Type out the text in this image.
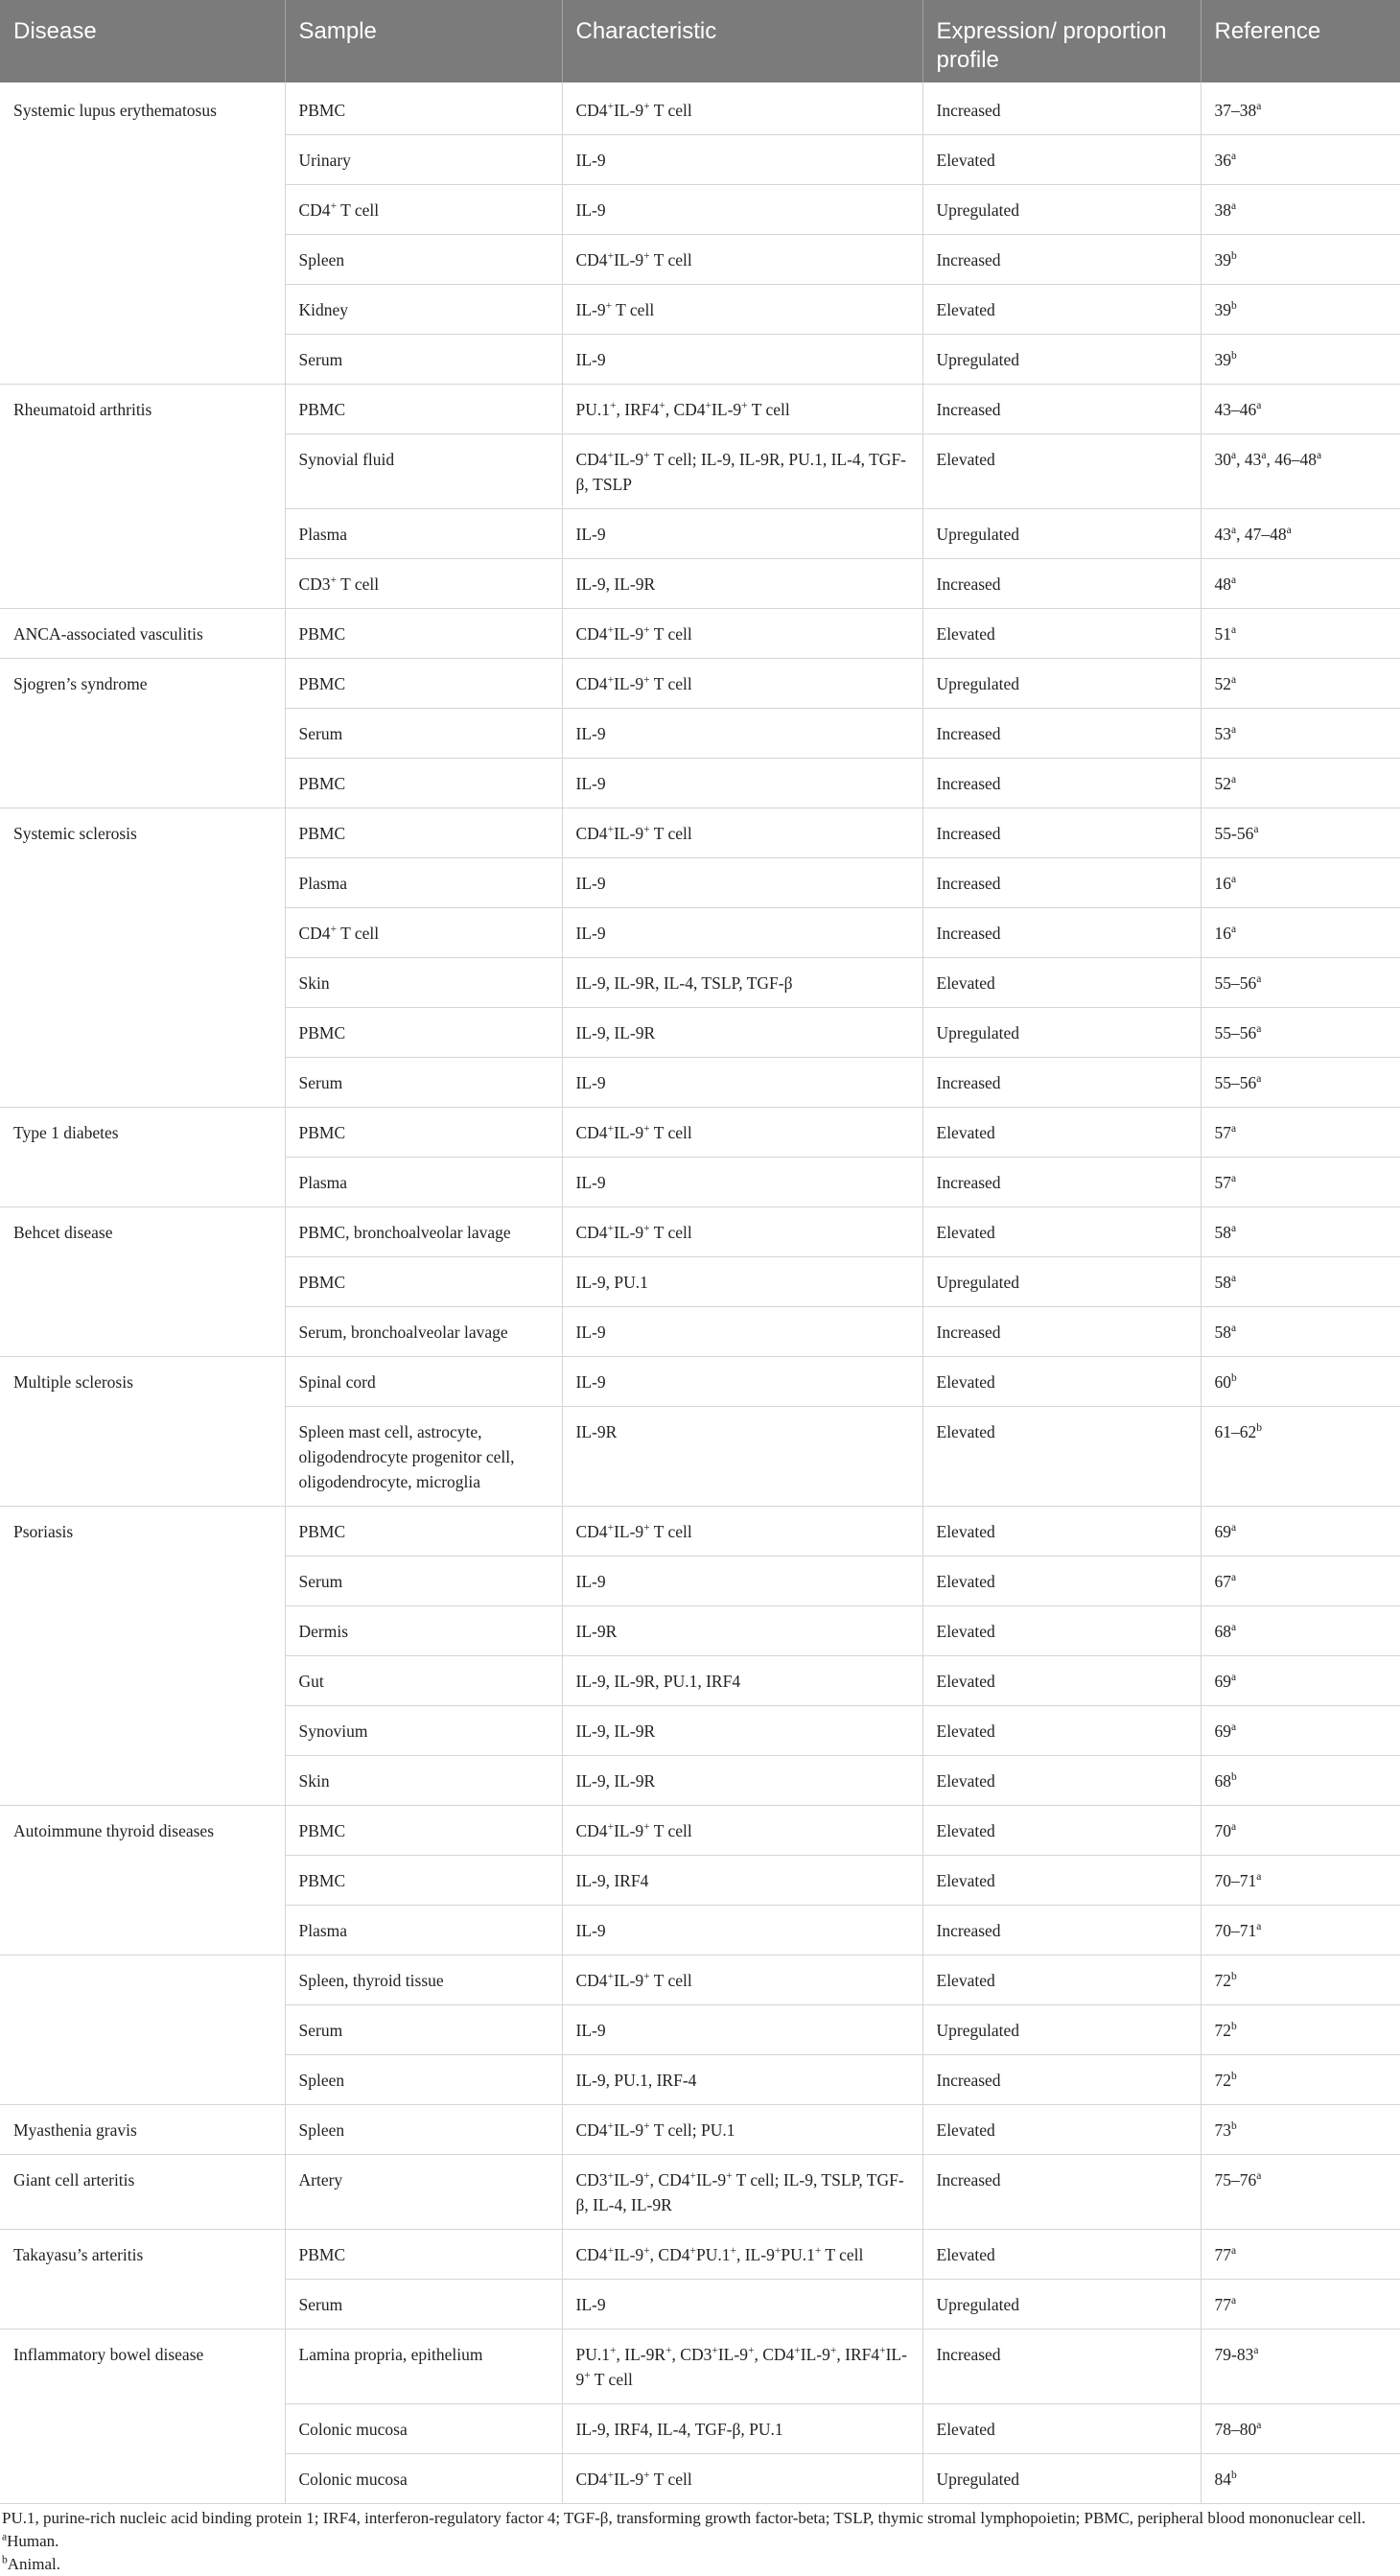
Disease	Sample	Characteristic	Expression/ proportion profile	Reference
Systemic lupus erythematosus	PBMC	CD4+IL-9+ T cell	Increased	37–38$^a$
	Urinary	IL-9	Elevated	36$^a$
	CD4+ T cell	IL-9	Upregulated	38$^a$
	Spleen	CD4+IL-9+ T cell	Increased	39$^b$
	Kidney	IL-9+ T cell	Elevated	39$^b$
	Serum	IL-9	Upregulated	39$^b$
Rheumatoid arthritis	PBMC	PU.1+, IRF4+, CD4+IL-9+ T cell	Increased	43–46$^a$
	Synovial fluid	CD4+IL-9+ T cell; IL-9, IL-9R, PU.1, IL-4, TGF-β, TSLP	Elevated	30$^a$, 43$^a$, 46–48$^a$
	Plasma	IL-9	Upregulated	43$^a$, 47–48$^a$
	CD3+ T cell	IL-9, IL-9R	Increased	48$^a$
ANCA-associated vasculitis	PBMC	CD4+IL-9+ T cell	Elevated	51$^a$
Sjogren’s syndrome	PBMC	CD4+IL-9+ T cell	Upregulated	52$^a$
	Serum	IL-9	Increased	53$^a$
	PBMC	IL-9	Increased	52$^a$
Systemic sclerosis	PBMC	CD4+IL-9+ T cell	Increased	55-56$^a$
	Plasma	IL-9	Increased	16$^a$
	CD4+ T cell	IL-9	Increased	16$^a$
	Skin	IL-9, IL-9R, IL-4, TSLP, TGF-β	Elevated	55–56$^a$
	PBMC	IL-9, IL-9R	Upregulated	55–56$^a$
	Serum	IL-9	Increased	55–56$^a$
Type 1 diabetes	PBMC	CD4+IL-9+ T cell	Elevated	57$^a$
	Plasma	IL-9	Increased	57$^a$
Behcet disease	PBMC, bronchoalveolar lavage	CD4+IL-9+ T cell	Elevated	58$^a$
	PBMC	IL-9, PU.1	Upregulated	58$^a$
	Serum, bronchoalveolar lavage	IL-9	Increased	58$^a$
Multiple sclerosis	Spinal cord	IL-9	Elevated	60$^b$
	Spleen mast cell, astrocyte, oligodendrocyte progenitor cell, oligodendrocyte, microglia	IL-9R	Elevated	61–62$^b$
Psoriasis	PBMC	CD4+IL-9+ T cell	Elevated	69$^a$
	Serum	IL-9	Elevated	67$^a$
	Dermis	IL-9R	Elevated	68$^a$
	Gut	IL-9, IL-9R, PU.1, IRF4	Elevated	69$^a$
	Synovium	IL-9, IL-9R	Elevated	69$^a$
	Skin	IL-9, IL-9R	Elevated	68$^b$
Autoimmune thyroid diseases	PBMC	CD4+IL-9+ T cell	Elevated	70$^a$
	PBMC	IL-9, IRF4	Elevated	70–71$^a$
	Plasma	IL-9	Increased	70–71$^a$
	Spleen, thyroid tissue	CD4+IL-9+ T cell	Elevated	72$^b$
	Serum	IL-9	Upregulated	72$^b$
	Spleen	IL-9, PU.1, IRF-4	Increased	72$^b$
Myasthenia gravis	Spleen	CD4+IL-9+ T cell; PU.1	Elevated	73$^b$
Giant cell arteritis	Artery	CD3+IL-9+, CD4+IL-9+ T cell; IL-9, TSLP, TGF-β, IL-4, IL-9R	Increased	75–76$^a$
Takayasu’s arteritis	PBMC	CD4+IL-9+, CD4+PU.1+, IL-9+PU.1+ T cell	Elevated	77$^a$
	Serum	IL-9	Upregulated	77$^a$
Inflammatory bowel disease	Lamina propria, epithelium	PU.1+, IL-9R+, CD3+IL-9+, CD4+IL-9+, IRF4+IL-9+ T cell	Increased	79-83$^a$
	Colonic mucosa	IL-9, IRF4, IL-4, TGF-β, PU.1	Elevated	78–80$^a$
	Colonic mucosa	CD4+IL-9+ T cell	Upregulated	84$^b$
PU.1, purine-rich nucleic acid binding protein 1; IRF4, interferon-regulatory factor 4; TGF-β, transforming growth factor-beta; TSLP, thymic stromal lymphopoietin; PBMC, peripheral blood mononuclear cell.
$^a$Human.
$^b$Animal.
